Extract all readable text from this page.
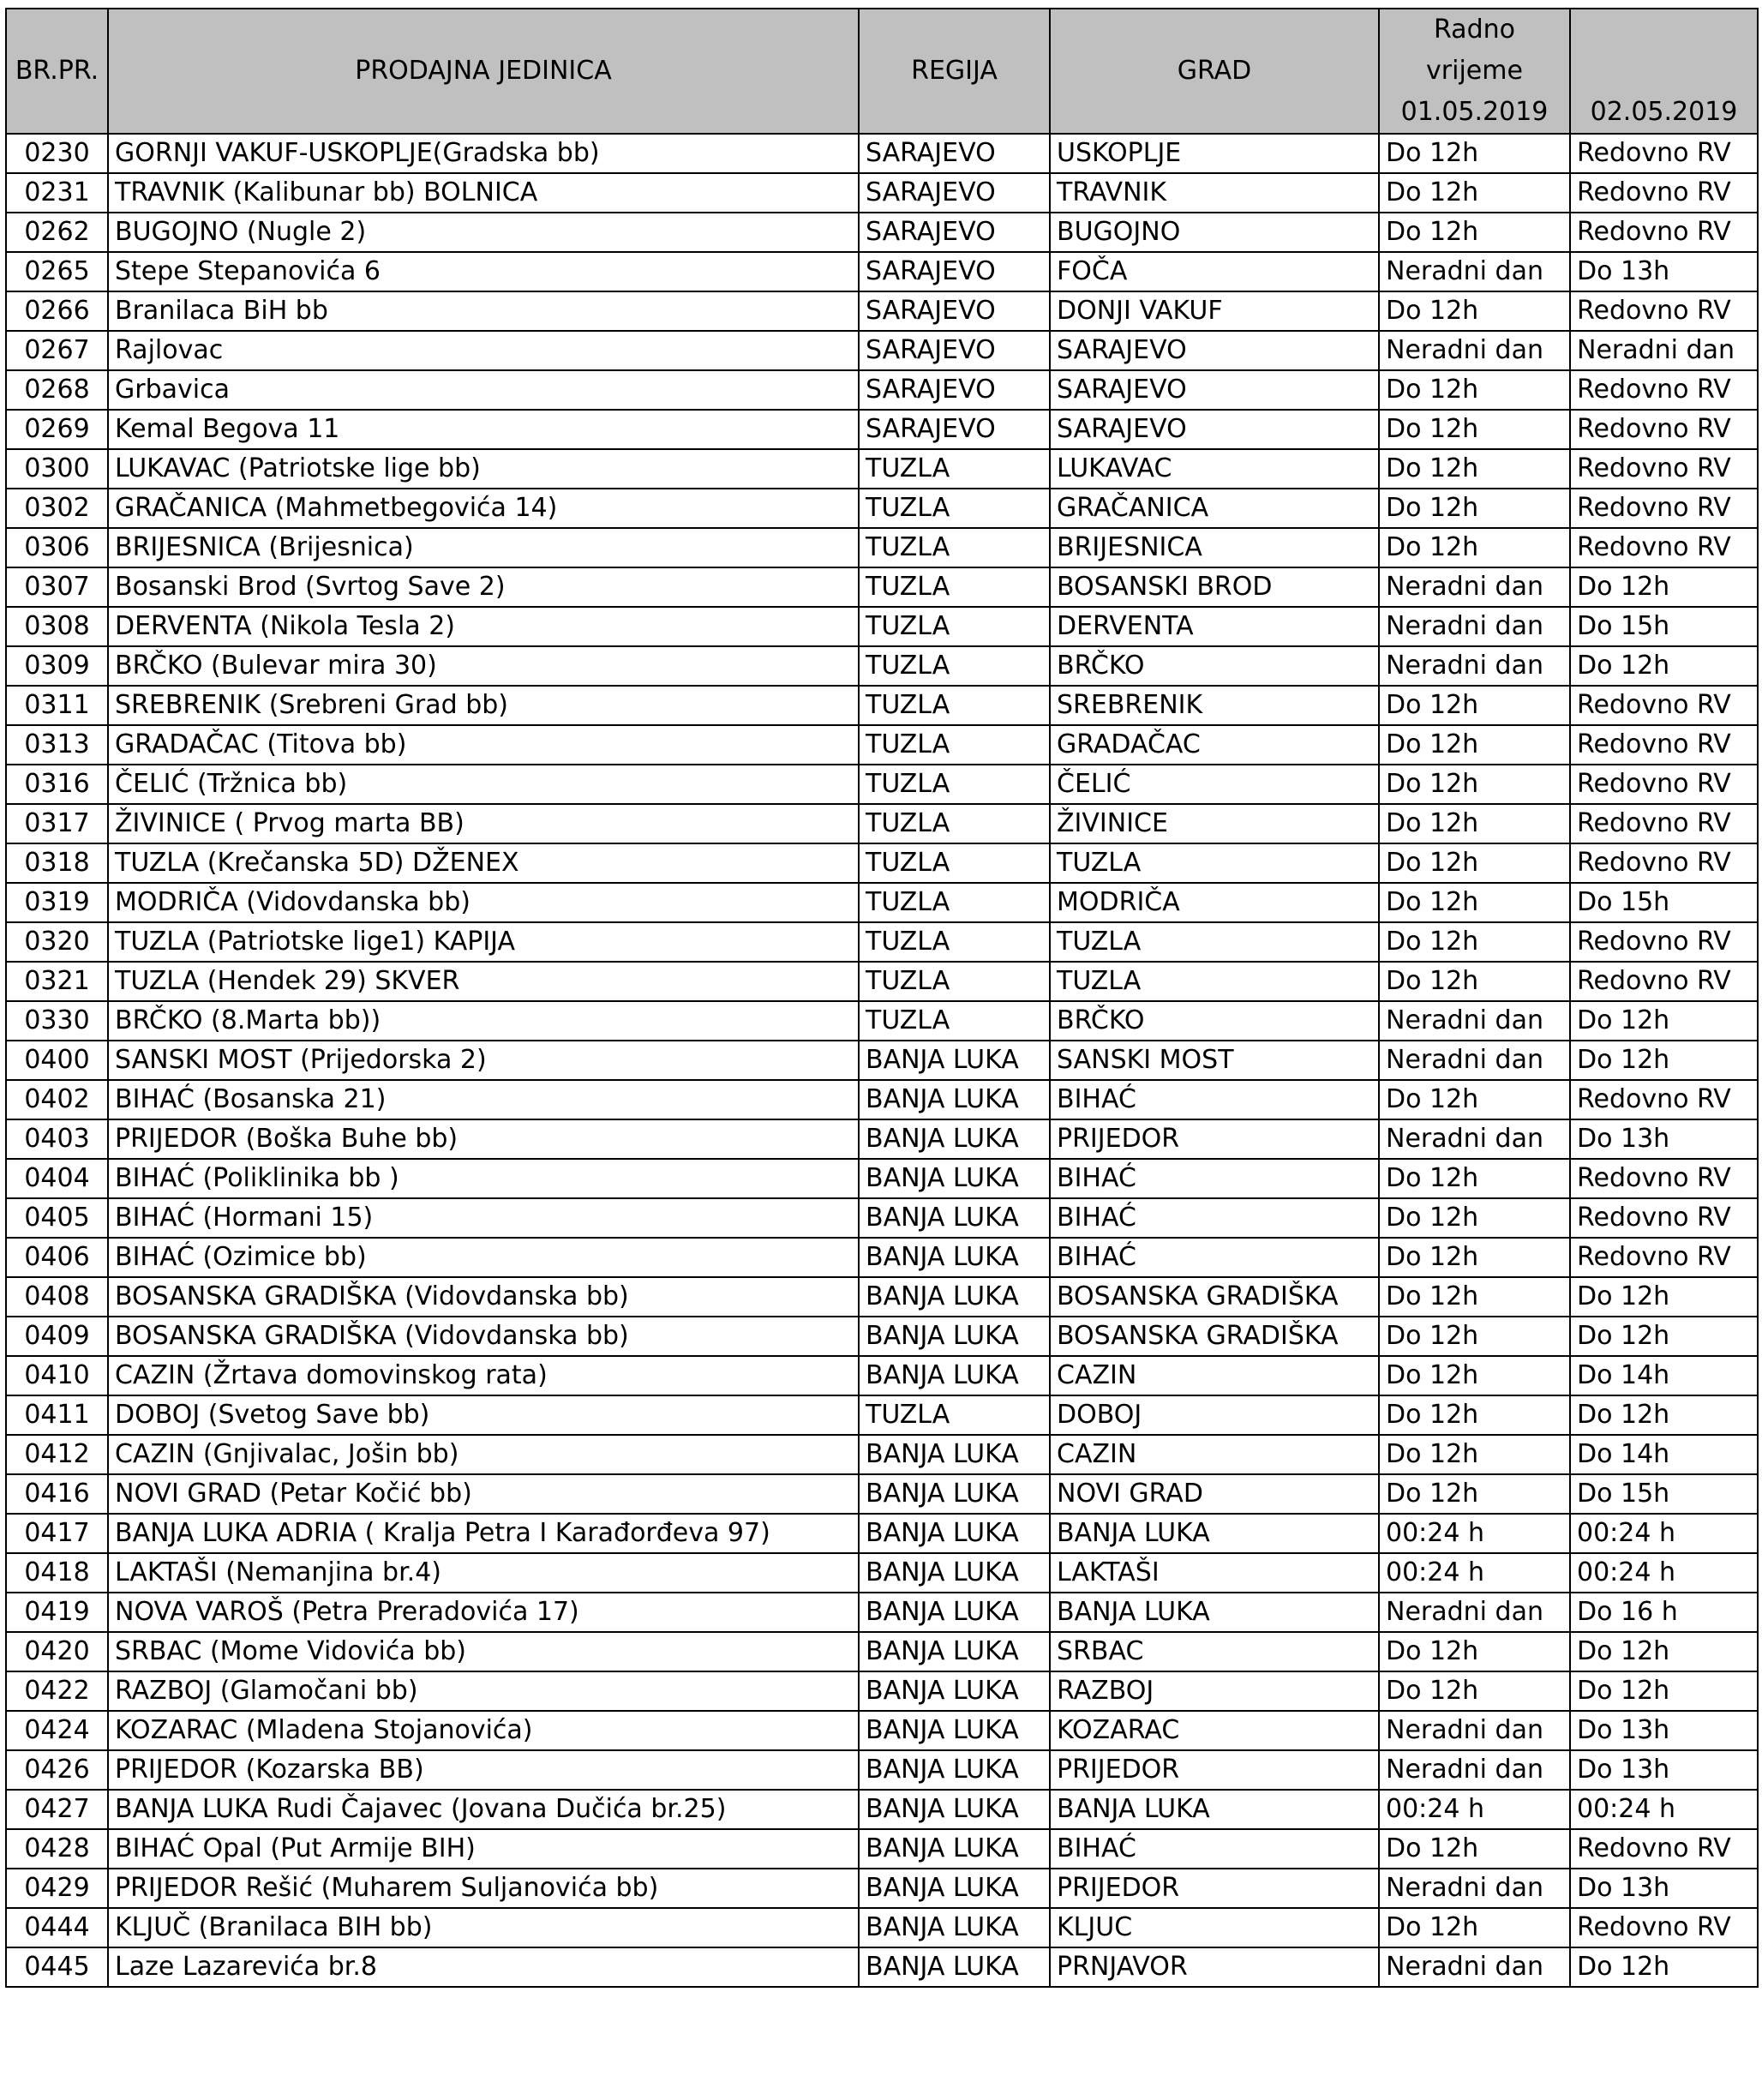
BR.PR.	PRODAJNA JEDINICA	REGIJA	GRAD	Radno
vrijeme
01.05.2019	02.05.2019

0230	GORNJI VAKUF-USKOPLJE(Gradska bb)	SARAJEVO	USKOPLJE	Do 12h	Redovno RV
0231	TRAVNIK (Kalibunar bb) BOLNICA	SARAJEVO	TRAVNIK	Do 12h	Redovno RV
0262	BUGOJNO (Nugle 2)	SARAJEVO	BUGOJNO	Do 12h	Redovno RV
0265	Stepe Stepanovića 6	SARAJEVO	FOČA	Neradni dan	Do 13h
0266	Branilaca BiH bb	SARAJEVO	DONJI VAKUF	Do 12h	Redovno RV
0267	Rajlovac	SARAJEVO	SARAJEVO	Neradni dan	Neradni dan
0268	Grbavica	SARAJEVO	SARAJEVO	Do 12h	Redovno RV
0269	Kemal Begova 11	SARAJEVO	SARAJEVO	Do 12h	Redovno RV
0300	LUKAVAC (Patriotske lige bb)	TUZLA	LUKAVAC	Do 12h	Redovno RV
0302	GRAČANICA (Mahmetbegovića 14)	TUZLA	GRAČANICA	Do 12h	Redovno RV
0306	BRIJESNICA (Brijesnica)	TUZLA	BRIJESNICA	Do 12h	Redovno RV
0307	Bosanski Brod (Svrtog Save 2)	TUZLA	BOSANSKI BROD	Neradni dan	Do 12h
0308	DERVENTA (Nikola Tesla 2)	TUZLA	DERVENTA	Neradni dan	Do 15h
0309	BRČKO (Bulevar mira 30)	TUZLA	BRČKO	Neradni dan	Do 12h
0311	SREBRENIK (Srebreni Grad bb)	TUZLA	SREBRENIK	Do 12h	Redovno RV
0313	GRADAČAC (Titova bb)	TUZLA	GRADAČAC	Do 12h	Redovno RV
0316	ČELIĆ (Tržnica bb)	TUZLA	ČELIĆ	Do 12h	Redovno RV
0317	ŽIVINICE ( Prvog marta BB)	TUZLA	ŽIVINICE	Do 12h	Redovno RV
0318	TUZLA (Krečanska 5D) DŽENEX	TUZLA	TUZLA	Do 12h	Redovno RV
0319	MODRIČA (Vidovdanska bb)	TUZLA	MODRIČA	Do 12h	Do 15h
0320	TUZLA (Patriotske lige1) KAPIJA	TUZLA	TUZLA	Do 12h	Redovno RV
0321	TUZLA (Hendek 29) SKVER	TUZLA	TUZLA	Do 12h	Redovno RV
0330	BRČKO (8.Marta bb))	TUZLA	BRČKO	Neradni dan	Do 12h
0400	SANSKI MOST (Prijedorska 2)	BANJA LUKA	SANSKI MOST	Neradni dan	Do 12h
0402	BIHAĆ (Bosanska 21)	BANJA LUKA	BIHAĆ	Do 12h	Redovno RV
0403	PRIJEDOR (Boška Buhe bb)	BANJA LUKA	PRIJEDOR	Neradni dan	Do 13h
0404	BIHAĆ (Poliklinika bb )	BANJA LUKA	BIHAĆ	Do 12h	Redovno RV
0405	BIHAĆ (Hormani 15)	BANJA LUKA	BIHAĆ	Do 12h	Redovno RV
0406	BIHAĆ (Ozimice bb)	BANJA LUKA	BIHAĆ	Do 12h	Redovno RV
0408	BOSANSKA GRADIŠKA (Vidovdanska bb)	BANJA LUKA	BOSANSKA GRADIŠKA	Do 12h	Do 12h
0409	BOSANSKA GRADIŠKA (Vidovdanska bb)	BANJA LUKA	BOSANSKA GRADIŠKA	Do 12h	Do 12h
0410	CAZIN (Žrtava domovinskog rata)	BANJA LUKA	CAZIN	Do 12h	Do 14h
0411	DOBOJ (Svetog Save bb)	TUZLA	DOBOJ	Do 12h	Do 12h
0412	CAZIN (Gnjivalac, Jošin bb)	BANJA LUKA	CAZIN	Do 12h	Do 14h
0416	NOVI GRAD (Petar Kočić bb)	BANJA LUKA	NOVI GRAD	Do 12h	Do 15h
0417	BANJA LUKA ADRIA ( Kralja Petra I Karađorđeva 97)	BANJA LUKA	BANJA LUKA	00:24 h	00:24 h
0418	LAKTAŠI (Nemanjina br.4)	BANJA LUKA	LAKTAŠI	00:24 h	00:24 h
0419	NOVA VAROŠ (Petra Preradovića 17)	BANJA LUKA	BANJA LUKA	Neradni dan	Do 16 h
0420	SRBAC (Mome Vidovića bb)	BANJA LUKA	SRBAC	Do 12h	Do 12h
0422	RAZBOJ (Glamočani bb)	BANJA LUKA	RAZBOJ	Do 12h	Do 12h
0424	KOZARAC (Mladena Stojanovića)	BANJA LUKA	KOZARAC	Neradni dan	Do 13h
0426	PRIJEDOR (Kozarska BB)	BANJA LUKA	PRIJEDOR	Neradni dan	Do 13h
0427	BANJA LUKA Rudi Čajavec (Jovana Dučića br.25)	BANJA LUKA	BANJA LUKA	00:24 h	00:24 h
0428	BIHAĆ Opal (Put Armije BIH)	BANJA LUKA	BIHAĆ	Do 12h	Redovno RV
0429	PRIJEDOR Rešić (Muharem Suljanovića bb)	BANJA LUKA	PRIJEDOR	Neradni dan	Do 13h
0444	KLJUČ (Branilaca BIH bb)	BANJA LUKA	KLJUC	Do 12h	Redovno RV
0445	Laze Lazarevića br.8	BANJA LUKA	PRNJAVOR	Neradni dan	Do 12h
